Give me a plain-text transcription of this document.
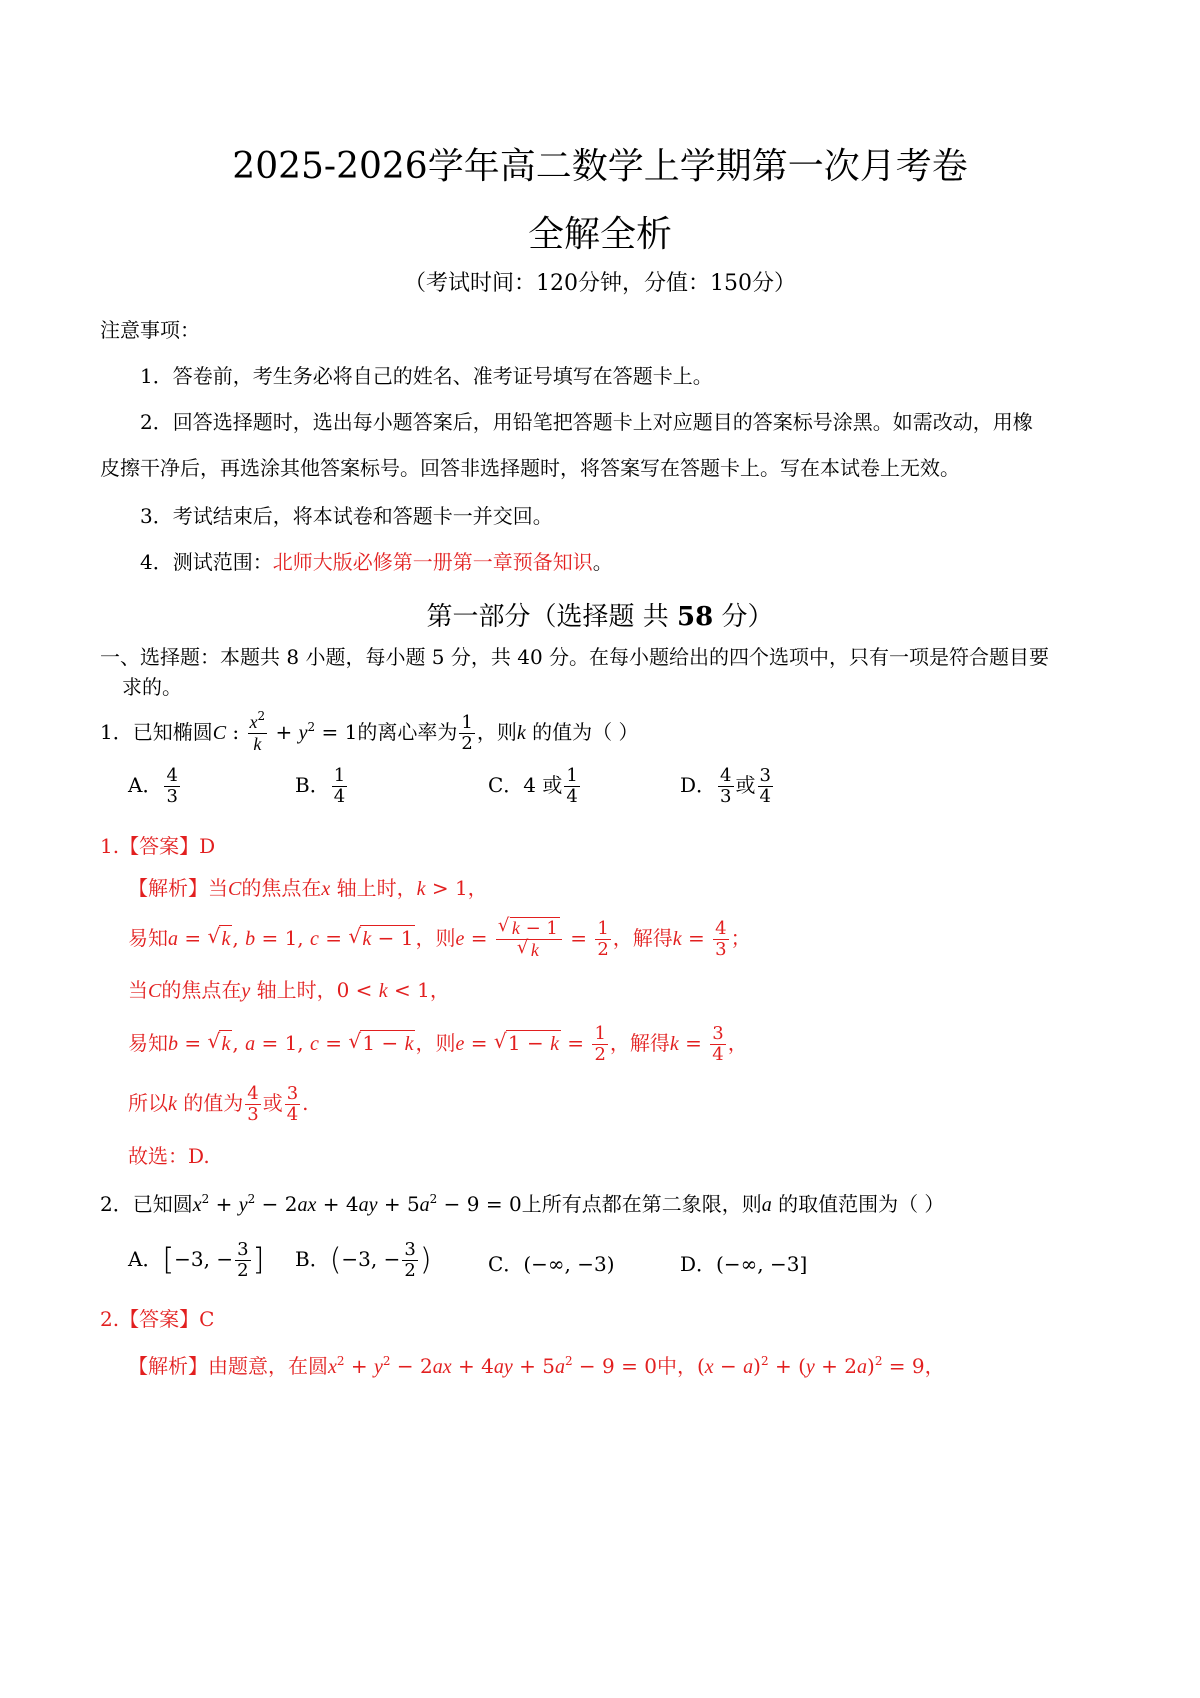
2025-2026学年高二数学上学期第一次月考卷
全解全析
（考试时间：120分钟，分值：150分）
注意事项：
1．答卷前，考生务必将自己的姓名、准考证号填写在答题卡上。
2．回答选择题时，选出每小题答案后，用铅笔把答题卡上对应题目的答案标号涂黑。如需改动，用橡
皮擦干净后，再选涂其他答案标号。回答非选择题时，将答案写在答题卡上。写在本试卷上无效。
3．考试结束后，将本试卷和答题卡一并交回。
4．测试范围：北师大版必修第一册第一章预备知识。
第一部分（选择题 共 58 分）
一、选择题：本题共 8 小题，每小题 5 分，共 40 分。在每小题给出的四个选项中，只有一项是符合题目要
求的。
1．已知椭圆C : $\frac{x^2}{k} + y^2 = 1$的离心率为 $\frac{1}{2}$ ，则k 的值为（ ）
A． $\frac{4}{3}$	B． $\frac{1}{4}$	C．4 或 $\frac{1}{4}$	D． $\frac{4}{3}$ 或 $\frac{3}{4}$
1.【答案】D
【解析】当C的焦点在x 轴上时，k > 1，
易知a = √ k , b = 1, c = √ k − 1 ，则e =
√ k − 1
√ $k = \frac{1}{2}$ ，解得$k = \frac{4}{3}$ ；
当C的焦点在y 轴上时，0 < k < 1，
易知b = √ k , a = 1, c = √ 1 − k ，则e = √ $1 - k = \frac{1}{2}$ ，解得$k = \frac{3}{4}$ ，
所以k 的值为 $\frac{4}{3}$ 或 $\frac{3}{4}$ .
故选：D.
2．已知圆$x^2 + y^2 - 2ax + 4ay + 5a^2 - 9 = 0$上所有点都在第二象限，则a 的取值范围为（ ）
A．[−3, − $\frac{3}{2}$ ] B．(−3, − $\frac{3}{2}$ )	C．(−∞, −3)	D．(−∞, −3]
2.【答案】C
【解析】由题意，在圆$x^2 + y^2 - 2ax + 4ay + 5a^2 - 9 = 0$中，$(x - a)^2 + (y + 2a)^2 = 9$，
